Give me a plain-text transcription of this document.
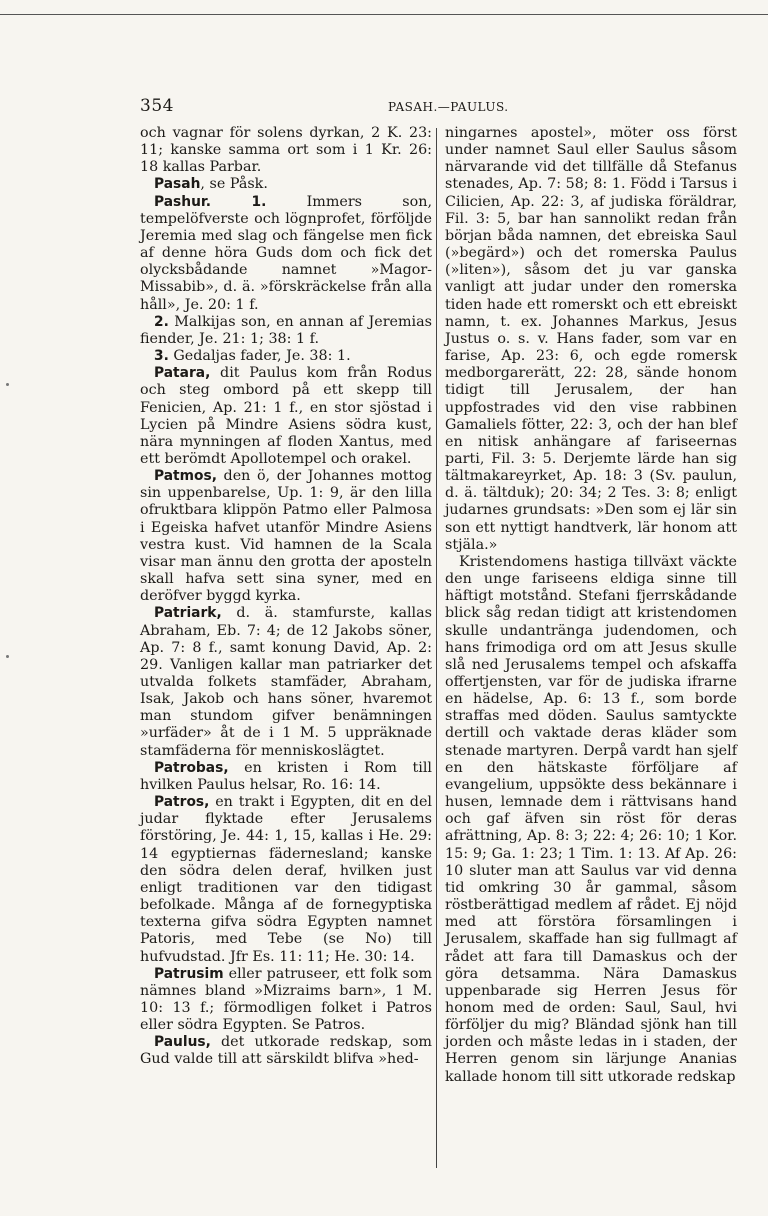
354	PASAH.—PAULUS.

och vagnar för solens dyrkan, 2 K. 23: 11; kanske samma ort som i 1 Kr. 26: 18 kallas Parbar.

Pasah, se Påsk.

Pashur. 1. Immers son, tempelöfverste och lögnprofet, förföljde Jeremia med slag och fängelse men fick af denne höra Guds dom och fick det olycksbådande namnet »Magor-Missabib», d. ä. »förskräckelse från alla håll», Je. 20: 1 f.

2. Malkijas son, en annan af Jeremias fiender, Je. 21: 1; 38: 1 f.

3. Gedaljas fader, Je. 38: 1.

Patara, dit Paulus kom från Rodus och steg ombord på ett skepp till Fenicien, Ap. 21: 1 f., en stor sjöstad i Lycien på Mindre Asiens södra kust, nära mynningen af floden Xantus, med ett berömdt Apollotempel och orakel.

Patmos, den ö, der Johannes mottog sin uppenbarelse, Up. 1: 9, är den lilla ofruktbara klippön Patmo eller Palmosa i Egeiska hafvet utanför Mindre Asiens vestra kust. Vid hamnen de la Scala visar man ännu den grotta der aposteln skall hafva sett sina syner, med en deröfver byggd kyrka.

Patriark, d. ä. stamfurste, kallas Abraham, Eb. 7: 4; de 12 Jakobs söner, Ap. 7: 8 f., samt konung David, Ap. 2: 29. Vanligen kallar man patriarker det utvalda folkets stamfäder, Abraham, Isak, Jakob och hans söner, hvaremot man stundom gifver benämningen »urfäder» åt de i 1 M. 5 uppräknade stamfäderna för menniskoslägtet.

Patrobas, en kristen i Rom till hvilken Paulus helsar, Ro. 16: 14.

Patros, en trakt i Egypten, dit en del judar flyktade efter Jerusalems förstöring, Je. 44: 1, 15, kallas i He. 29: 14 egyptiernas fädernesland; kanske den södra delen deraf, hvilken just enligt traditionen var den tidigast befolkade. Många af de fornegyptiska texterna gifva södra Egypten namnet Patoris, med Tebe (se No) till hufvudstad. Jfr Es. 11: 11; He. 30: 14.

Patrusim eller patruseer, ett folk som nämnes bland »Mizraims barn», 1 M. 10: 13 f.; förmodligen folket i Patros eller södra Egypten. Se Patros.

Paulus, det utkorade redskap, som Gud valde till att särskildt blifva »hed-

ningarnes apostel», möter oss först under namnet Saul eller Saulus såsom närvarande vid det tillfälle då Stefanus stenades, Ap. 7: 58; 8: 1. Född i Tarsus i Cilicien, Ap. 22: 3, af judiska föräldrar, Fil. 3: 5, bar han sannolikt redan från början båda namnen, det ebreiska Saul (»begärd») och det romerska Paulus (»liten»), såsom det ju var ganska vanligt att judar under den romerska tiden hade ett romerskt och ett ebreiskt namn, t. ex. Johannes Markus, Jesus Justus o. s. v. Hans fader, som var en farise, Ap. 23: 6, och egde romersk medborgarerätt, 22: 28, sände honom tidigt till Jerusalem, der han uppfostrades vid den vise rabbinen Gamaliels fötter, 22: 3, och der han blef en nitisk anhängare af fariseernas parti, Fil. 3: 5. Derjemte lärde han sig tältmakareyrket, Ap. 18: 3 (Sv. paulun, d. ä. tältduk); 20: 34; 2 Tes. 3: 8; enligt judarnes grundsats: »Den som ej lär sin son ett nyttigt handtverk, lär honom att stjäla.»

Kristendomens hastiga tillväxt väckte den unge fariseens eldiga sinne till häftigt motstånd. Stefani fjerrskådande blick såg redan tidigt att kristendomen skulle undanträngа judendomen, och hans frimodiga ord om att Jesus skulle slå ned Jerusalems tempel och afskaffa offertjensten, var för de judiska ifrarne en hädelse, Ap. 6: 13 f., som borde straffas med döden. Saulus samtyckte dertill och vaktade deras kläder som stenade martyren. Derpå vardt han sjelf en den hätskaste förföljare af evangelium, uppsökte dess bekännare i husen, lemnade dem i rättvisans hand och gaf äfven sin röst för deras afrättning, Ap. 8: 3; 22: 4; 26: 10; 1 Kor. 15: 9; Ga. 1: 23; 1 Tim. 1: 13. Af Ap. 26: 10 sluter man att Saulus var vid denna tid omkring 30 år gammal, såsom röstberättigad medlem af rådet. Ej nöjd med att förstöra församlingen i Jerusalem, skaffade han sig fullmagt af rådet att fara till Damaskus och der göra detsamma. Nära Damaskus uppenbarade sig Herren Jesus för honom med de orden: Saul, Saul, hvi förföljer du mig? Bländad sjönk han till jorden och måste ledas in i staden, der Herren genom sin lärjunge Ananias kallade honom till sitt utkorade redskap
